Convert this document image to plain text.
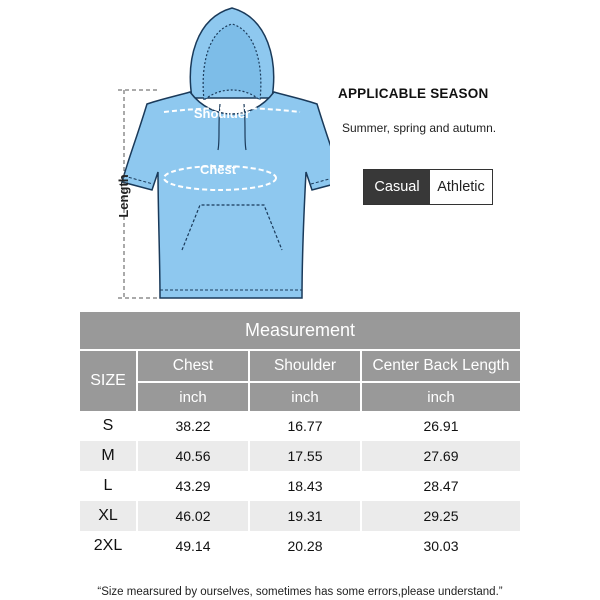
Shoulder
Chest
Length
APPLICABLE SEASON
Summer, spring and autumn.
Casual	Athletic
Measurement			
SIZE	Chest	Shoulder	Center Back Length
	inch	inch	inch
S	38.22	16.77	26.91
M	40.56	17.55	27.69
L	43.29	18.43	28.47
XL	46.02	19.31	29.25
2XL	49.14	20.28	30.03
“Size mearsured by ourselves, sometimes has some errors,please understand.”
